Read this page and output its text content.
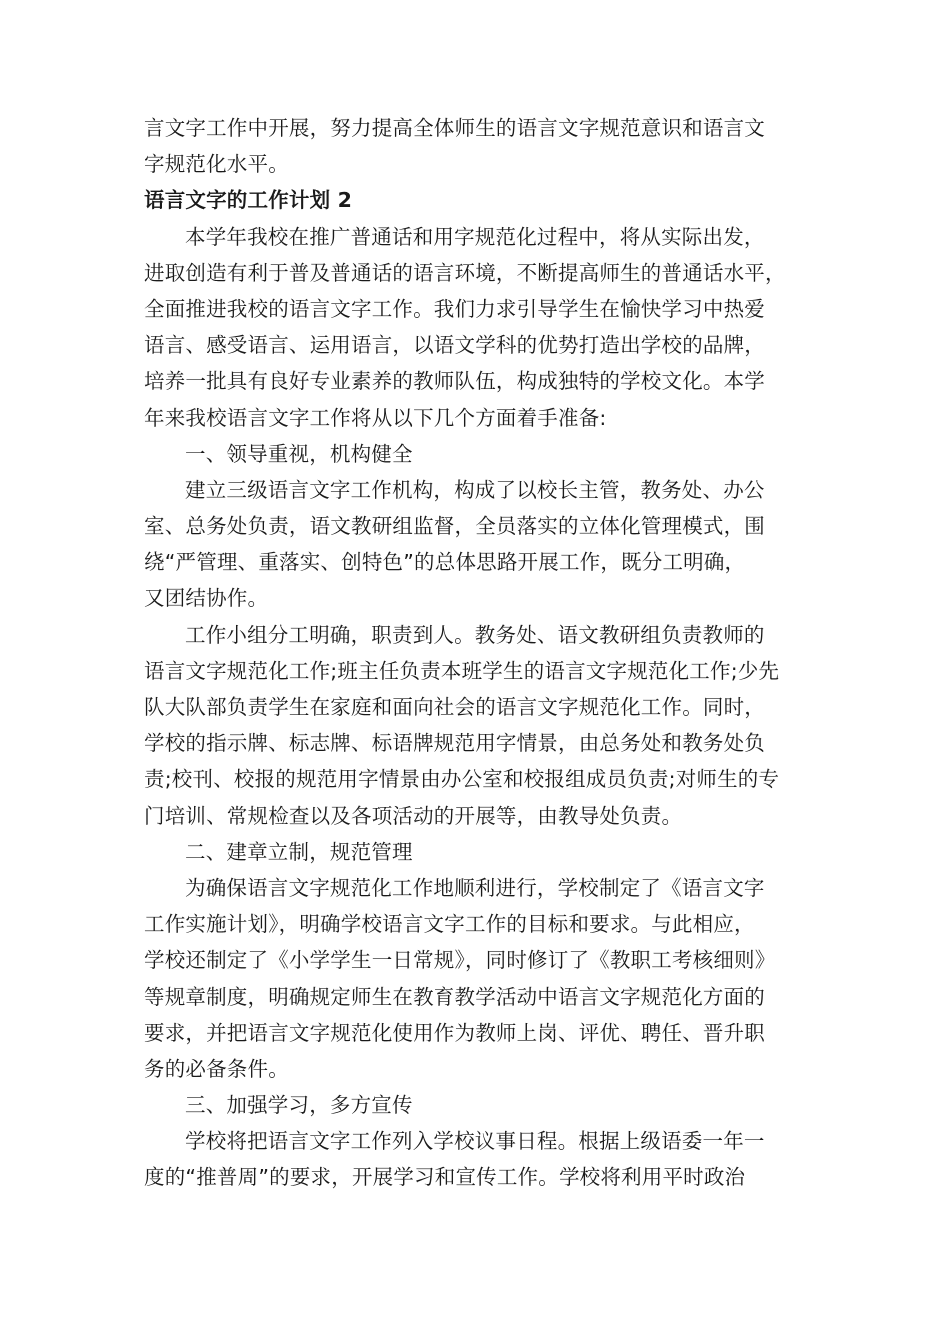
言文字工作中开展，努力提高全体师生的语言文字规范意识和语言文
字规范化水平。
语言文字的工作计划 2
本学年我校在推广普通话和用字规范化过程中，将从实际出发，
进取创造有利于普及普通话的语言环境，不断提高师生的普通话水平，
全面推进我校的语言文字工作。我们力求引导学生在愉快学习中热爱
语言、感受语言、运用语言，以语文学科的优势打造出学校的品牌，
培养一批具有良好专业素养的教师队伍，构成独特的学校文化。本学
年来我校语言文字工作将从以下几个方面着手准备:
一、领导重视，机构健全
建立三级语言文字工作机构，构成了以校长主管，教务处、办公
室、总务处负责，语文教研组监督，全员落实的立体化管理模式，围
绕“严管理、重落实、创特色”的总体思路开展工作，既分工明确，
又团结协作。
工作小组分工明确，职责到人。教务处、语文教研组负责教师的
语言文字规范化工作;班主任负责本班学生的语言文字规范化工作;少先
队大队部负责学生在家庭和面向社会的语言文字规范化工作。同时，
学校的指示牌、标志牌、标语牌规范用字情景，由总务处和教务处负
责;校刊、校报的规范用字情景由办公室和校报组成员负责;对师生的专
门培训、常规检查以及各项活动的开展等，由教导处负责。
二、建章立制，规范管理
为确保语言文字规范化工作地顺利进行，学校制定了《语言文字
工作实施计划》，明确学校语言文字工作的目标和要求。与此相应，
学校还制定了《小学学生一日常规》，同时修订了《教职工考核细则》
等规章制度，明确规定师生在教育教学活动中语言文字规范化方面的
要求，并把语言文字规范化使用作为教师上岗、评优、聘任、晋升职
务的必备条件。
三、加强学习，多方宣传
学校将把语言文字工作列入学校议事日程。根据上级语委一年一
度的“推普周”的要求，开展学习和宣传工作。学校将利用平时政治
